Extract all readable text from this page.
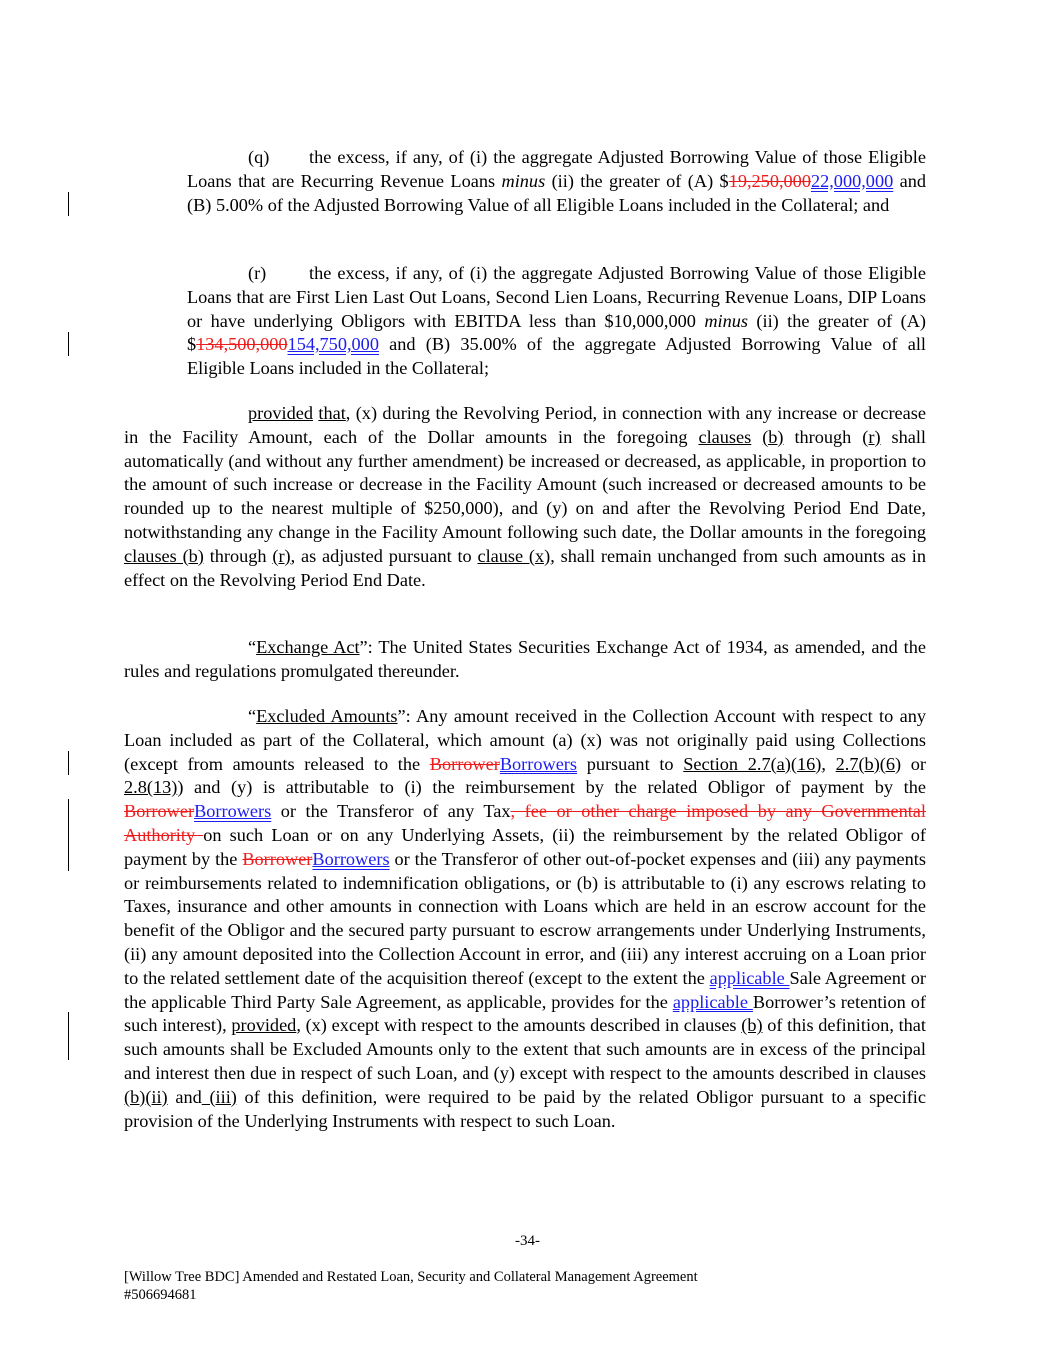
(q) the excess, if any, of (i) the aggregate Adjusted Borrowing Value of those Eligible Loans that are Recurring Revenue Loans minus (ii) the greater of (A) $19,250,00022,000,000 and (B) 5.00% of the Adjusted Borrowing Value of all Eligible Loans included in the Collateral; and

(r) the excess, if any, of (i) the aggregate Adjusted Borrowing Value of those Eligible Loans that are First Lien Last Out Loans, Second Lien Loans, Recurring Revenue Loans, DIP Loans or have underlying Obligors with EBITDA less than $10,000,000 minus (ii) the greater of (A) $134,500,000154,750,000 and (B) 35.00% of the aggregate Adjusted Borrowing Value of all Eligible Loans included in the Collateral;

provided that, (x) during the Revolving Period, in connection with any increase or decrease in the Facility Amount, each of the Dollar amounts in the foregoing clauses (b) through (r) shall automatically (and without any further amendment) be increased or decreased, as applicable, in proportion to the amount of such increase or decrease in the Facility Amount (such increased or decreased amounts to be rounded up to the nearest multiple of $250,000), and (y) on and after the Revolving Period End Date, notwithstanding any change in the Facility Amount following such date, the Dollar amounts in the foregoing clauses (b) through (r), as adjusted pursuant to clause (x), shall remain unchanged from such amounts as in effect on the Revolving Period End Date.

“Exchange Act”: The United States Securities Exchange Act of 1934, as amended, and the rules and regulations promulgated thereunder.

“Excluded Amounts”: Any amount received in the Collection Account with respect to any Loan included as part of the Collateral, which amount (a) (x) was not originally paid using Collections (except from amounts released to the BorrowerBorrowers pursuant to Section 2.7(a)(16), 2.7(b)(6) or 2.8(13)) and (y) is attributable to (i) the reimbursement by the related Obligor of payment by the BorrowerBorrowers or the Transferor of any Tax, fee or other charge imposed by any Governmental Authority on such Loan or on any Underlying Assets, (ii) the reimbursement by the related Obligor of payment by the BorrowerBorrowers or the Transferor of other out-of-pocket expenses and (iii) any payments or reimbursements related to indemnification obligations, or (b) is attributable to (i) any escrows relating to Taxes, insurance and other amounts in connection with Loans which are held in an escrow account for the benefit of the Obligor and the secured party pursuant to escrow arrangements under Underlying Instruments, (ii) any amount deposited into the Collection Account in error, and (iii) any interest accruing on a Loan prior to the related settlement date of the acquisition thereof (except to the extent the applicable Sale Agreement or the applicable Third Party Sale Agreement, as applicable, provides for the applicable Borrower’s retention of such interest), provided, (x) except with respect to the amounts described in clauses (b) of this definition, that such amounts shall be Excluded Amounts only to the extent that such amounts are in excess of the principal and interest then due in respect of such Loan, and (y) except with respect to the amounts described in clauses (b)(ii) and (iii) of this definition, were required to be paid by the related Obligor pursuant to a specific provision of the Underlying Instruments with respect to such Loan.

-34-
[Willow Tree BDC] Amended and Restated Loan, Security and Collateral Management Agreement
#506694681
